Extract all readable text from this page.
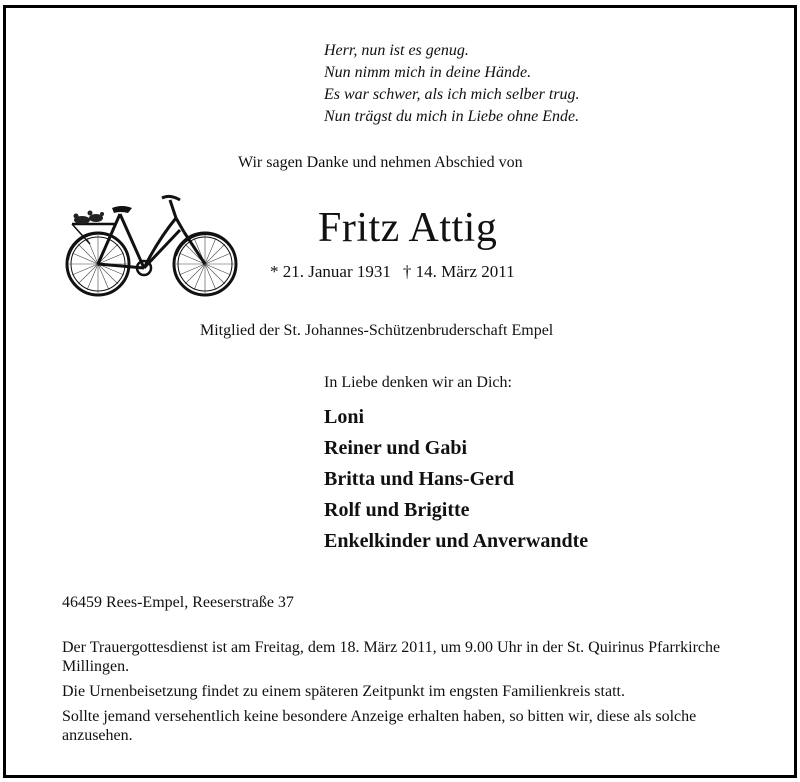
Herr, nun ist es genug.
Nun nimm mich in deine Hände.
Es war schwer, als ich mich selber trug.
Nun trägst du mich in Liebe ohne Ende.
Wir sagen Danke und nehmen Abschied von
Fritz Attig
* 21. Januar 1931 † 14. März 2011
Mitglied der St. Johannes-Schützenbruderschaft Empel
In Liebe denken wir an Dich:
Loni
Reiner und Gabi
Britta und Hans-Gerd
Rolf und Brigitte
Enkelkinder und Anverwandte
46459 Rees-Empel, Reeserstraße 37

Der Trauergottesdienst ist am Freitag, dem 18. März 2011, um 9.00 Uhr in der St. Quirinus Pfarrkirche Millingen.

Die Urnenbeisetzung findet zu einem späteren Zeitpunkt im engsten Familienkreis statt.

Sollte jemand versehentlich keine besondere Anzeige erhalten haben, so bitten wir, diese als solche anzusehen.
